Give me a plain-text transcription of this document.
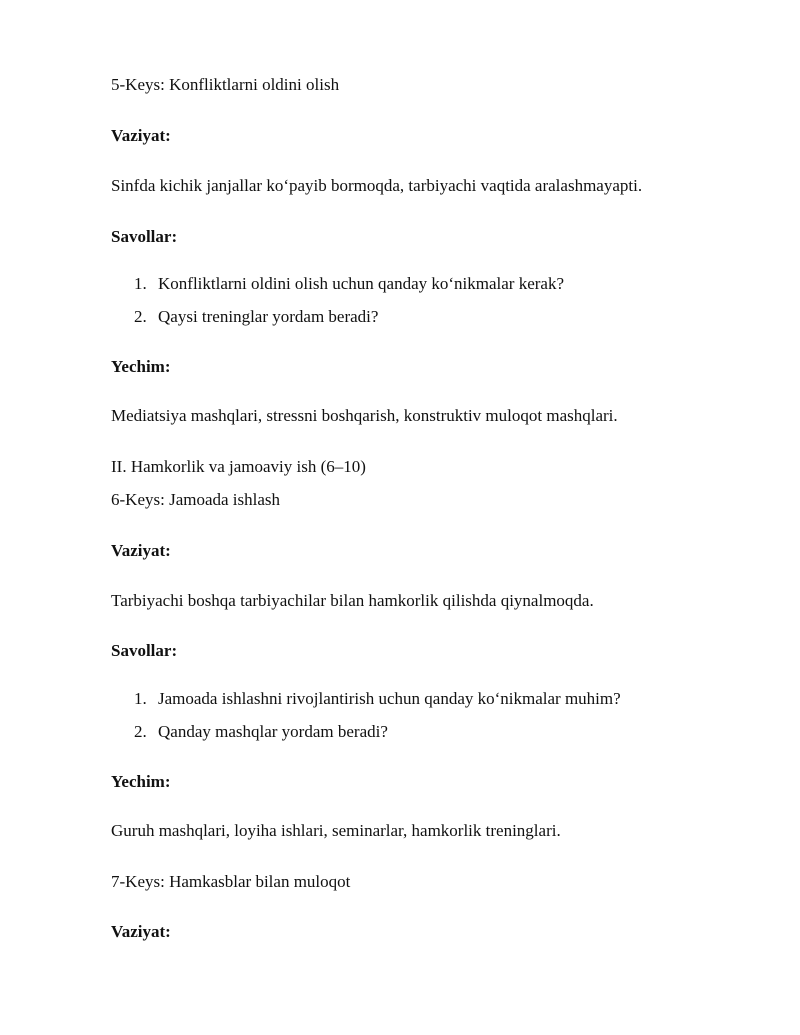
5-Keys: Konfliktlarni oldini olish
Vaziyat:
Sinfda kichik janjallar ko‘payib bormoqda, tarbiyachi vaqtida aralashmayapti.
Savollar:
1. Konfliktlarni oldini olish uchun qanday ko‘nikmalar kerak?
2. Qaysi treninglar yordam beradi?
Yechim:
Mediatsiya mashqlari, stressni boshqarish, konstruktiv muloqot mashqlari.
II. Hamkorlik va jamoaviy ish (6–10)
6-Keys: Jamoada ishlash
Vaziyat:
Tarbiyachi boshqa tarbiyachilar bilan hamkorlik qilishda qiynalmoqda.
Savollar:
1. Jamoada ishlashni rivojlantirish uchun qanday ko‘nikmalar muhim?
2. Qanday mashqlar yordam beradi?
Yechim:
Guruh mashqlari, loyiha ishlari, seminarlar, hamkorlik treninglari.
7-Keys: Hamkasblar bilan muloqot
Vaziyat:
